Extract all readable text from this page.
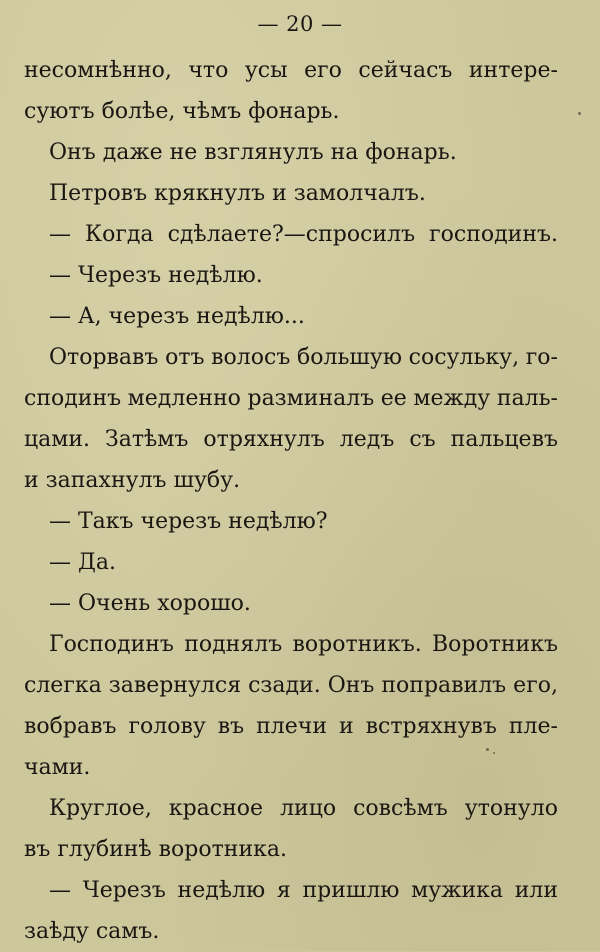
— 20 —
несомнѣнно, что усы его сейчасъ интере-
суютъ болѣе, чѣмъ фонарь.
Онъ даже не взглянулъ на фонарь.
Петровъ крякнулъ и замолчалъ.
— Когда сдѣлаете?—спросилъ господинъ.
— Черезъ недѣлю.
— А, черезъ недѣлю...
Оторвавъ отъ волосъ большую сосульку, го-
сподинъ медленно разминалъ ее между паль-
цами. Затѣмъ отряхнулъ ледъ съ пальцевъ
и запахнулъ шубу.
— Такъ черезъ недѣлю?
— Да.
— Очень хорошо.
Господинъ поднялъ воротникъ. Воротникъ
слегка завернулся сзади. Онъ поправилъ его,
вобравъ голову въ плечи и встряхнувъ пле-
чами.
Круглое, красное лицо совсѣмъ утонуло
въ глубинѣ воротника.
— Черезъ недѣлю я пришлю мужика или
заѣду самъ.
